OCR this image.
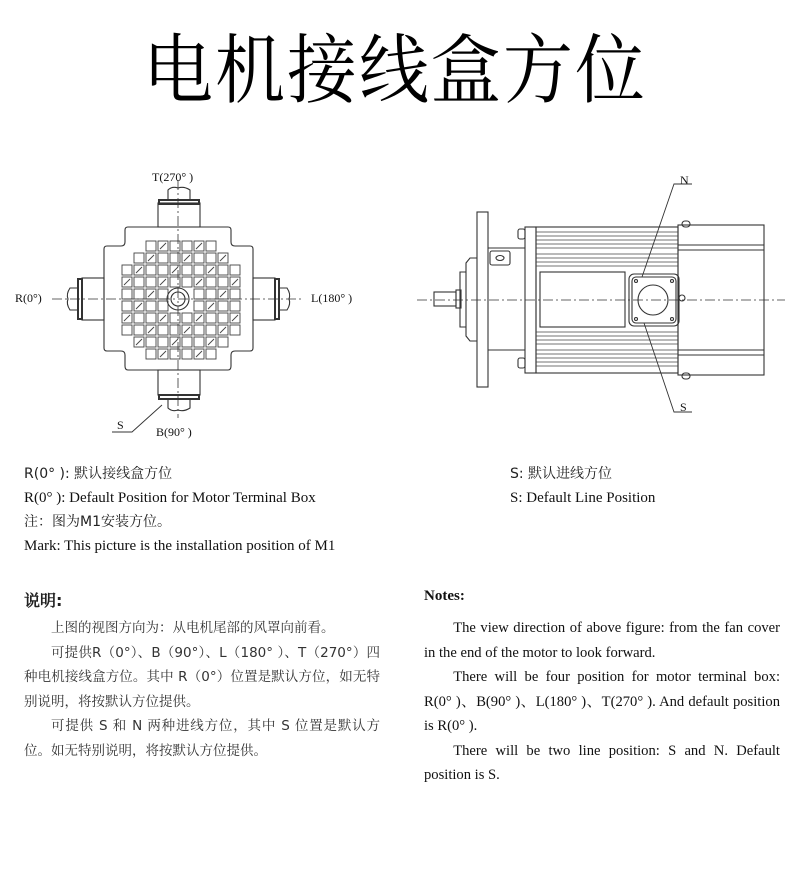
电机接线盒方位
T(270° )
R(0°)	L(180° )
B(90° )
S
N
S
R(0° ): 默认接线盒方位
R(0° ): Default Position for Motor Terminal Box
注：图为M1安装方位。
Mark: This picture is the installation position of M1
S: 默认进线方位
S: Default Line Position
说明:

上图的视图方向为：从电机尾部的风罩向前看。

可提供R（0°）、B（90°）、L（180° ）、T（270°）四种电机接线盒方位。其中 R（0°）位置是默认方位，如无特别说明，将按默认方位提供。

可提供 S 和 N 两种进线方位，其中 S 位置是默认方位。如无特别说明，将按默认方位提供。

Notes:

The view direction of above figure: from the fan cover in the end of the motor to look forward.

There will be four position for motor terminal box: R(0° )、B(90° )、L(180° )、T(270° ). And default position is R(0° ).

There will be two line position: S and N. Default position is S.
